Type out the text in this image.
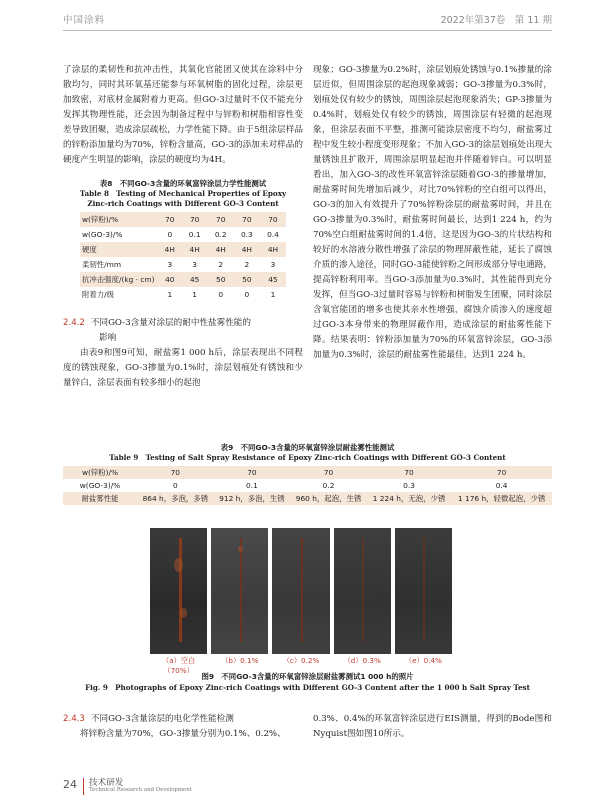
中国涂料	2022年第37卷　第 11 期

了涂层的柔韧性和抗冲击性，其氧化官能团又使其在涂料中分散均匀，同时其环氧基还能参与环氧树脂的固化过程，涂层更加致密，对底材金属附着力更高。但GO-3过量时不仅不能充分发挥其物理性能，还会因为制备过程中与锌粉和树脂相容性变差导致团聚，造成涂层疏松，力学性能下降。由于5组涂层样品的锌粉添加量均为70%，锌粉含量高，GO-3的添加未对样品的硬度产生明显的影响，涂层的硬度均为4H。

表8　不同GO-3含量的环氧富锌涂层力学性能测试
Table 8　Testing of Mechanical Properties of Epoxy
Zinc-rich Coatings with Different GO-3 Content
w(锌粉)/%	70	70	70	70	70
w(GO-3)/%	0	0.1	0.2	0.3	0.4
硬度	4H	4H	4H	4H	4H
柔韧性/mm	3	3	2	2	3
抗冲击强度/(kg · cm)	40	45	50	50	45
附着力/级	1	1	0	0	1
2.4.2 不同GO-3含量对涂层的耐中性盐雾性能的
影响

由表9和图9可知，耐盐雾1 000 h后，涂层表现出不同程度的锈蚀现象，GO-3掺量为0.1%时，涂层划痕处有锈蚀和少量锌白，涂层表面有较多细小的起泡

现象；GO-3掺量为0.2%时，涂层划痕处锈蚀与0.1%掺量的涂层近似，但周围涂层的起泡现象减弱；GO-3掺量为0.3%时，划痕处仅有较少的锈蚀，周围涂层起泡现象消失；GP-3掺量为0.4%时，划痕处仅有较少的锈蚀，周围涂层有轻微的起泡现象，但涂层表面不平整，推测可能涂层密度不均匀，耐盐雾过程中发生较小程度变形现象；不加入GO-3的涂层划痕处出现大量锈蚀且扩散开，周围涂层明显起泡并伴随着锌白。可以明显看出，加入GO-3的改性环氧富锌涂层随着GO-3的掺量增加，耐盐雾时间先增加后减少，对比70%锌粉的空白组可以得出，GO-3的加入有效提升了70%锌粉涂层的耐盐雾时间，并且在GO-3掺量为0.3%时，耐盐雾时间最长，达到1 224 h，约为70%空白组耐盐雾时间的1.4倍，这是因为GO-3的片状结构和较好的水溶液分散性增强了涂层的物理屏蔽性能，延长了腐蚀介质的渗入途径，同时GO-3能使锌粉之间形成部分导电通路，提高锌粉利用率。当GO-3添加量为0.3%时，其性能得到充分发挥，但当GO-3过量时容易与锌粉和树脂发生团聚，同时涂层含氧官能团的增多也使其亲水性增强，腐蚀介质渗入的速度超过GO-3本身带来的物理屏蔽作用，造成涂层的耐盐雾性能下降。结果表明：锌粉添加量为70%的环氧富锌涂层，GO-3添加量为0.3%时，涂层的耐盐雾性能最佳，达到1 224 h。

表9　不同GO-3含量的环氧富锌涂层耐盐雾性能测试
Table 9　Testing of Salt Spray Resistance of Epoxy Zinc-rich Coatings with Different GO-3 Content
w(锌粉)/%	70	70	70	70	70
w(GO-3)/%	0	0.1	0.2	0.3	0.4
耐盐雾性能	864 h，多泡，多锈	912 h，多泡，生锈	960 h，起泡，生锈	1 224 h，无泡，少锈	1 176 h，轻微起泡，少锈
（a）空白（70%）
（b）0.1%	（c）0.2%	（d）0.3%	（e）0.4%
图9　不同GO-3含量的环氧富锌涂层耐盐雾测试1 000 h的照片
Fig. 9　Photographs of Epoxy Zinc-rich Coatings with Different GO-3 Content after the 1 000 h Salt Spray Test
2.4.3 不同GO-3含量涂层的电化学性能检测

将锌粉含量为70%，GO-3掺量分别为0.1%、0.2%、

0.3%、0.4%的环氧富锌涂层进行EIS测量，得到的Bode图和Nyquist图如图10所示。

24 技术研发
Technical Research and Development
